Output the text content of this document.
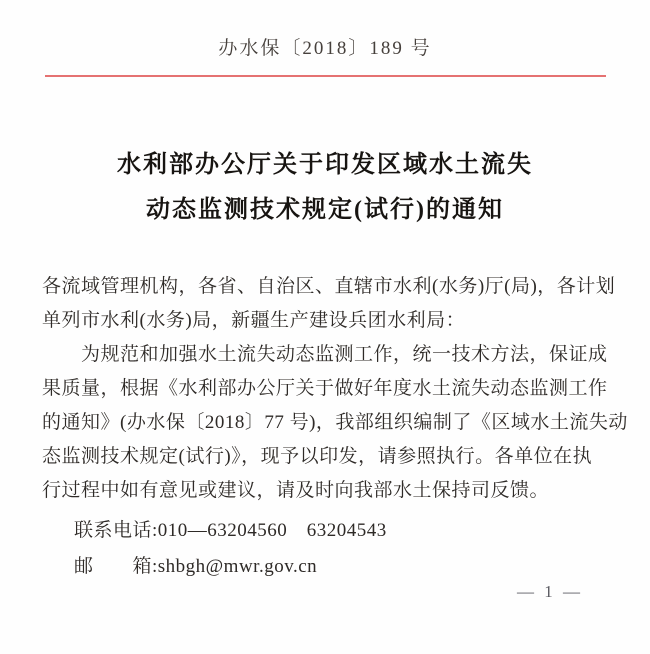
办水保〔2018〕189 号
水利部办公厅关于印发区域水土流失
动态监测技术规定(试行)的通知
各流域管理机构，各省、自治区、直辖市水利(水务)厅(局)，各计划
单列市水利(水务)局，新疆生产建设兵团水利局：
为规范和加强水土流失动态监测工作，统一技术方法，保证成
果质量，根据《水利部办公厅关于做好年度水土流失动态监测工作
的通知》(办水保〔2018〕77 号)，我部组织编制了《区域水土流失动
态监测技术规定(试行)》，现予以印发，请参照执行。各单位在执
行过程中如有意见或建议，请及时向我部水土保持司反馈。
联系电话:010—63204560　63204543
邮　　箱:shbgh@mwr.gov.cn
— 1 —
